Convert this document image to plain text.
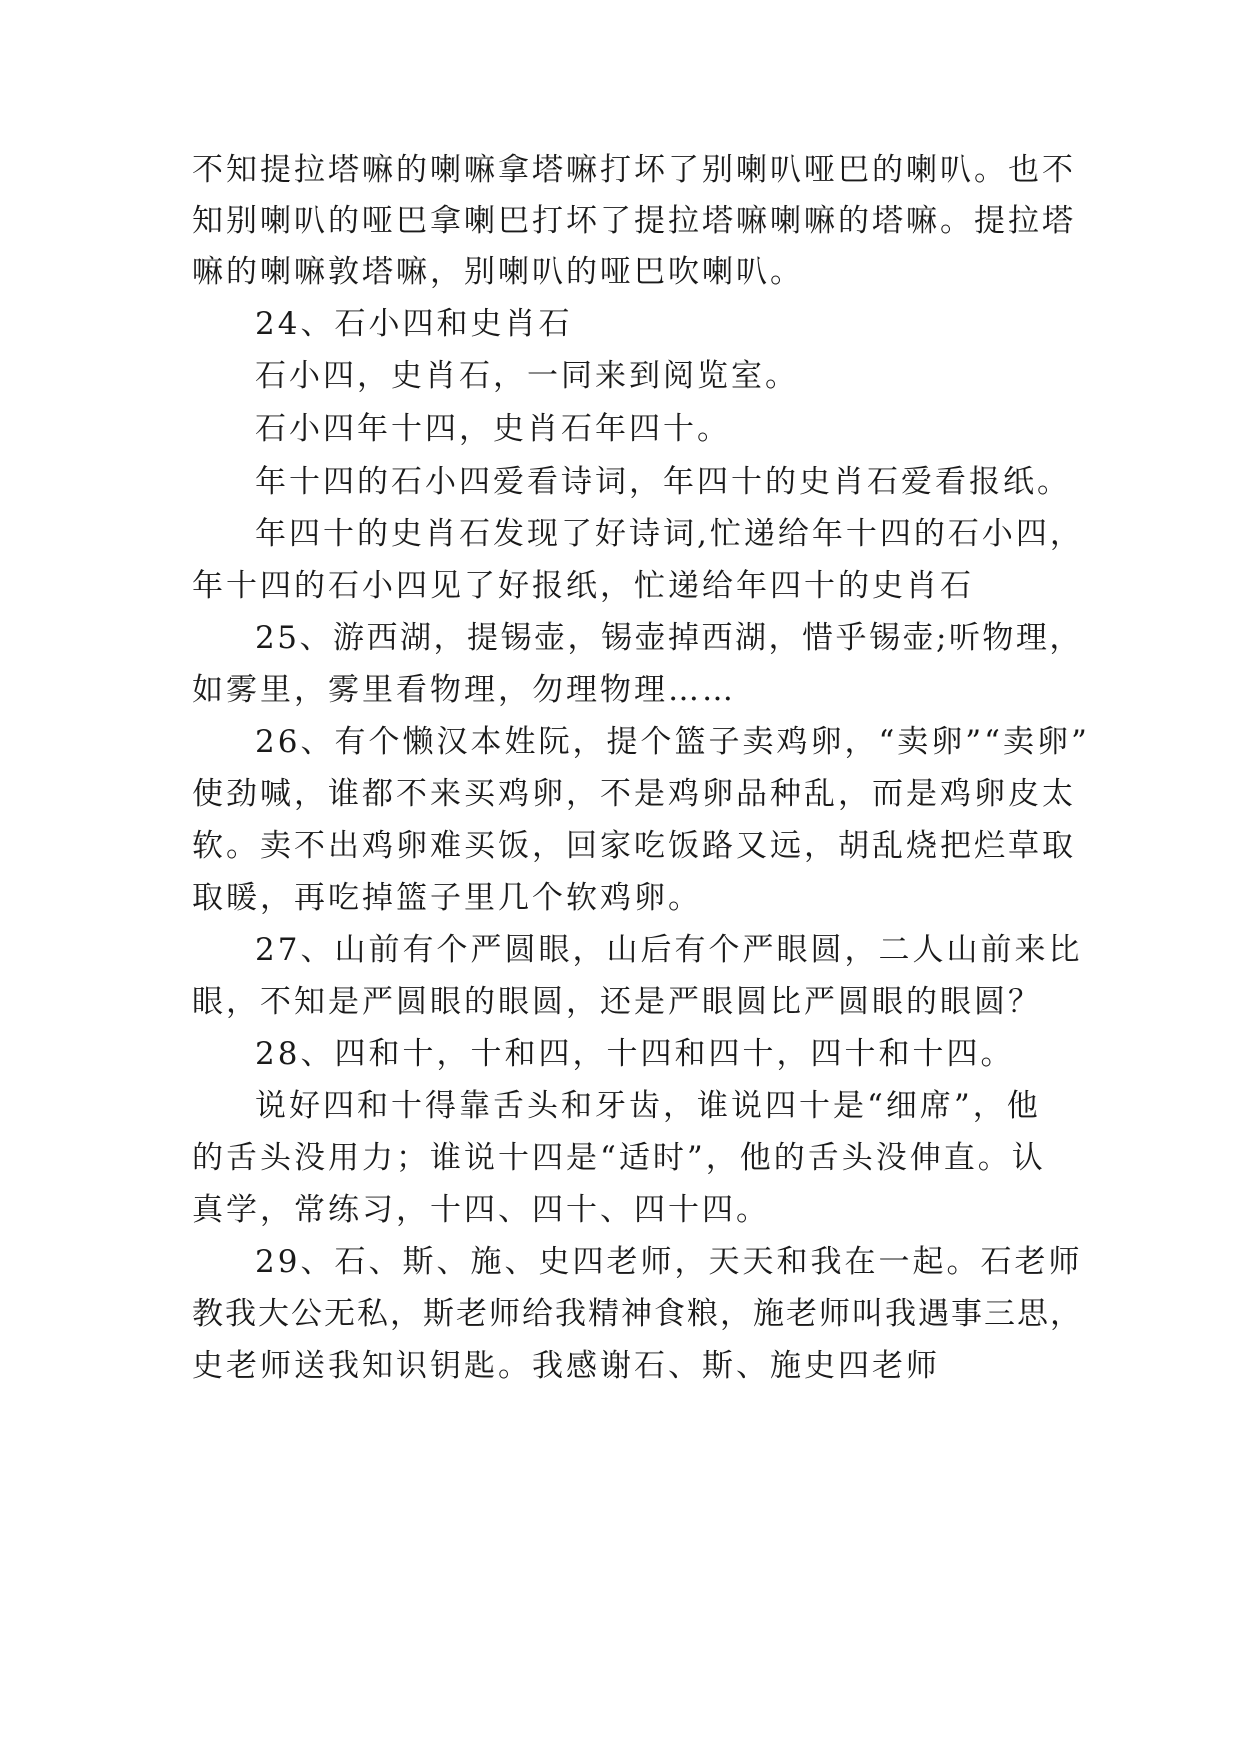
不知提拉塔嘛的喇嘛拿塔嘛打坏了别喇叭哑巴的喇叭。也不
知别喇叭的哑巴拿喇巴打坏了提拉塔嘛喇嘛的塔嘛。提拉塔
嘛的喇嘛敦塔嘛，别喇叭的哑巴吹喇叭。
24、石小四和史肖石
石小四，史肖石，一同来到阅览室。
石小四年十四，史肖石年四十。
年十四的石小四爱看诗词，年四十的史肖石爱看报纸。
年四十的史肖石发现了好诗词,忙递给年十四的石小四，
年十四的石小四见了好报纸，忙递给年四十的史肖石
25、游西湖，提锡壶，锡壶掉西湖，惜乎锡壶;听物理，
如雾里，雾里看物理，勿理物理……
26、有个懒汉本姓阮，提个篮子卖鸡卵，“卖卵”“卖卵”
使劲喊，谁都不来买鸡卵，不是鸡卵品种乱，而是鸡卵皮太
软。卖不出鸡卵难买饭，回家吃饭路又远，胡乱烧把烂草取
取暖，再吃掉篮子里几个软鸡卵。
27、山前有个严圆眼，山后有个严眼圆，二人山前来比
眼，不知是严圆眼的眼圆，还是严眼圆比严圆眼的眼圆？
28、四和十，十和四，十四和四十，四十和十四。
说好四和十得靠舌头和牙齿，谁说四十是“细席”，他
的舌头没用力；谁说十四是“适时”，他的舌头没伸直。认
真学，常练习，十四、四十、四十四。
29、石、斯、施、史四老师，天天和我在一起。石老师
教我大公无私，斯老师给我精神食粮，施老师叫我遇事三思，
史老师送我知识钥匙。我感谢石、斯、施史四老师
